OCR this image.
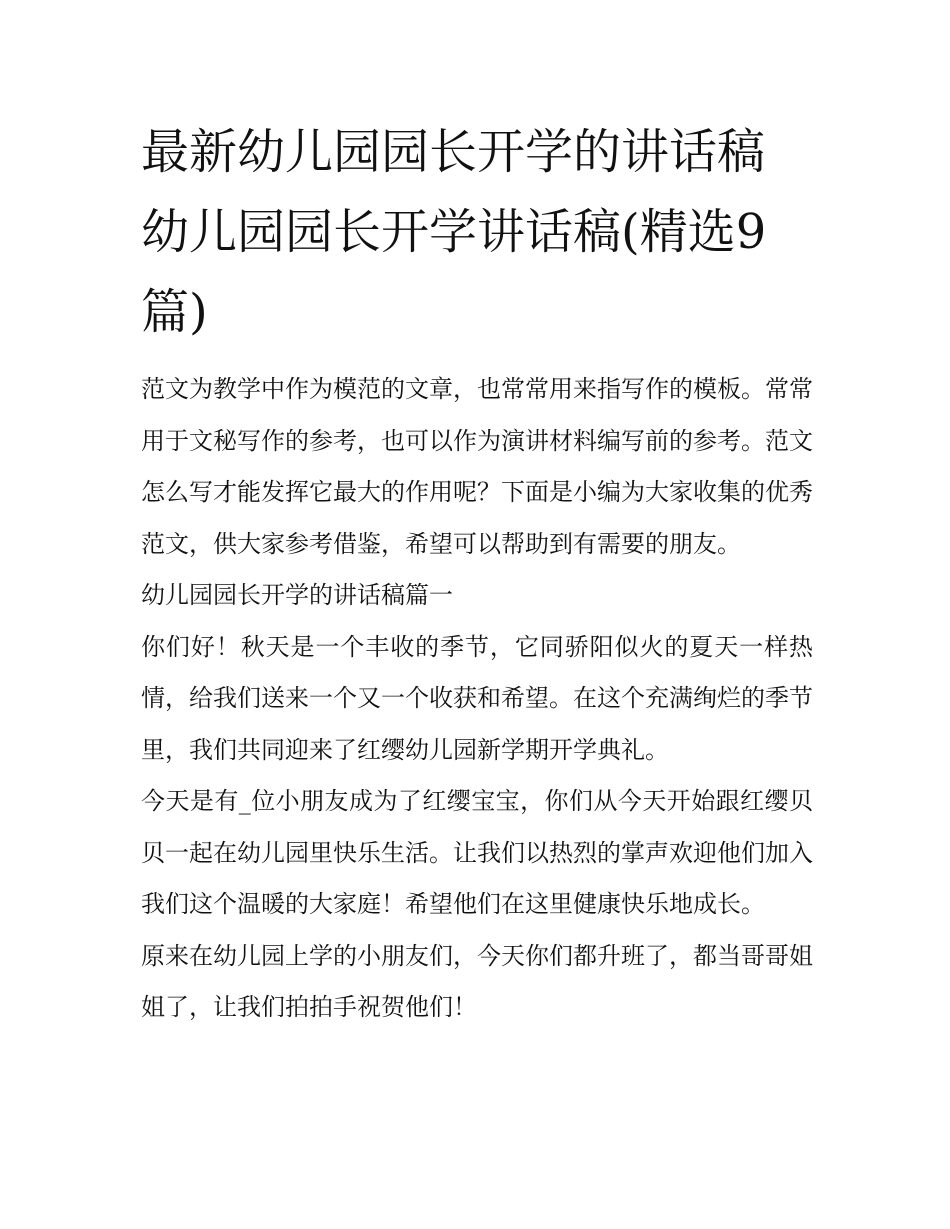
最新幼儿园园长开学的讲话稿 幼儿园园长开学讲话稿(精选9篇)

范文为教学中作为模范的文章，也常常用来指写作的模板。常常用于文秘写作的参考，也可以作为演讲材料编写前的参考。范文怎么写才能发挥它最大的作用呢？下面是小编为大家收集的优秀范文，供大家参考借鉴，希望可以帮助到有需要的朋友。

幼儿园园长开学的讲话稿篇一

你们好！秋天是一个丰收的季节，它同骄阳似火的夏天一样热情，给我们送来一个又一个收获和希望。在这个充满绚烂的季节里，我们共同迎来了红缨幼儿园新学期开学典礼。

今天是有_位小朋友成为了红缨宝宝，你们从今天开始跟红缨贝贝一起在幼儿园里快乐生活。让我们以热烈的掌声欢迎他们加入我们这个温暖的大家庭！希望他们在这里健康快乐地成长。

原来在幼儿园上学的小朋友们，今天你们都升班了，都当哥哥姐姐了，让我们拍拍手祝贺他们！
